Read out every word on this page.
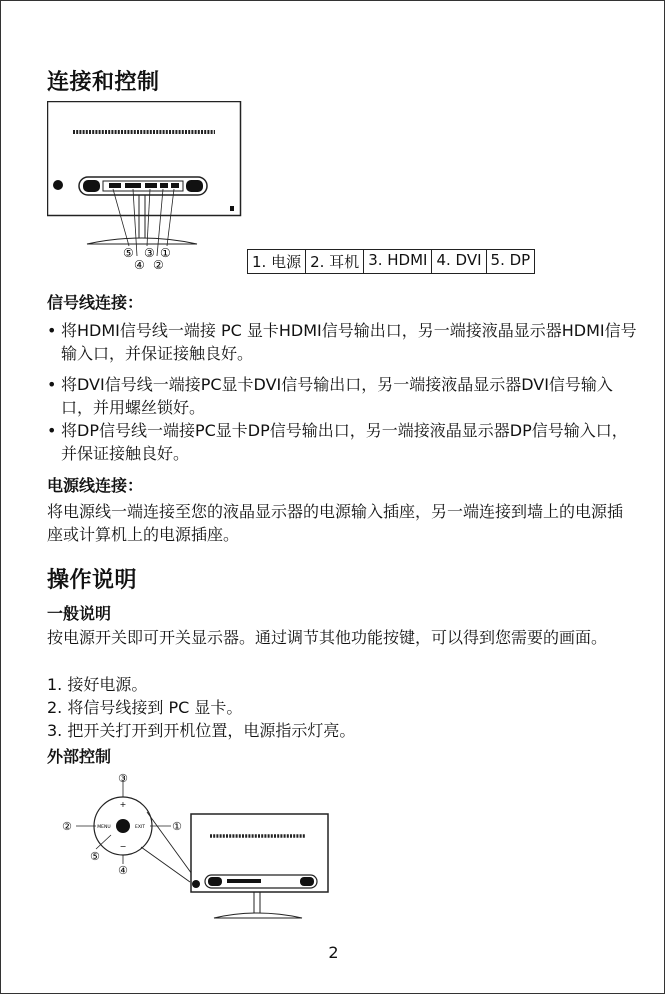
连接和控制
⑤ ③ ①
④ ②	1. 电源 2. 耳机 3. HDMI 4. DVI 5. DP
信号线连接：
• 将HDMI信号线一端接 PC 显卡HDMI信号输出口，另一端接液晶显示器HDMI信号输入口，并保证接触良好。
• 将DVI信号线一端接PC显卡DVI信号输出口，另一端接液晶显示器DVI信号输入口，并用螺丝锁好。
• 将DP信号线一端接PC显卡DP信号输出口，另一端接液晶显示器DP信号输入口，并保证接触良好。
电源线连接：
将电源线一端连接至您的液晶显示器的电源输入插座，另一端连接到墙上的电源插座或计算机上的电源插座。
操作说明
一般说明
按电源开关即可开关显示器。通过调节其他功能按键，可以得到您需要的画面。
1. 接好电源。
2. 将信号线接到 PC 显卡。
3. 把开关打开到开机位置，电源指示灯亮。
外部控制
+
−
MENU	EXIT
③
②	①
⑤
④
2
